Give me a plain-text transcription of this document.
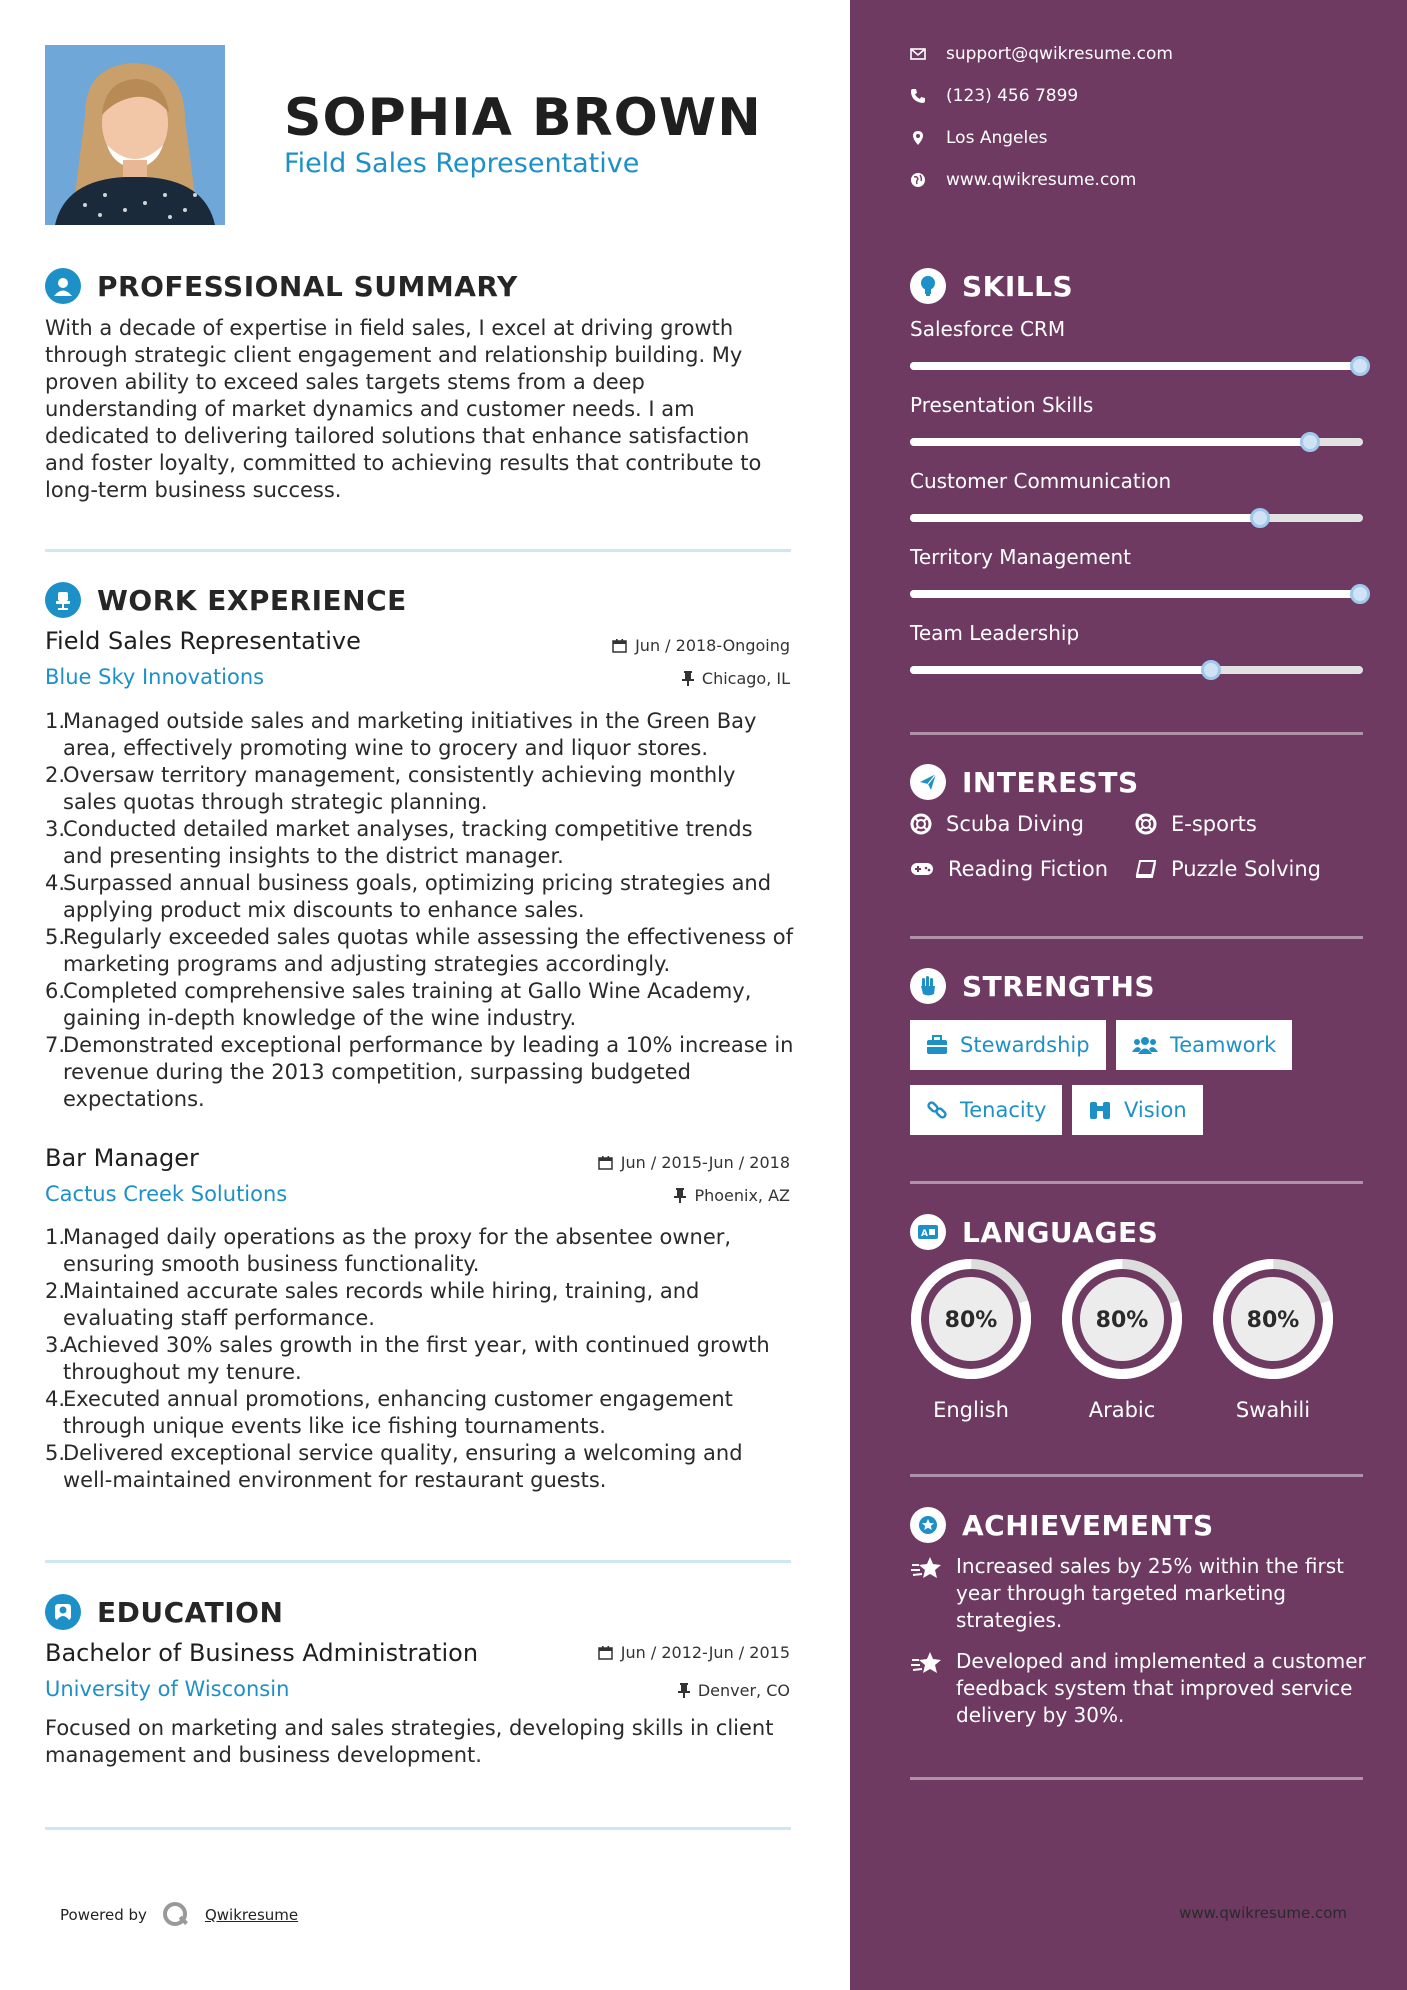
SOPHIA BROWN
Field Sales Representative
PROFESSIONAL SUMMARY
With a decade of expertise in field sales, I excel at driving growth through strategic client engagement and relationship building. My proven ability to exceed sales targets stems from a deep understanding of market dynamics and customer needs. I am dedicated to delivering tailored solutions that enhance satisfaction and foster loyalty, committed to achieving results that contribute to long-term business success.
WORK EXPERIENCE
Field Sales Representative	Jun / 2018-Ongoing
Blue Sky Innovations	Chicago, IL
1.
Managed outside sales and marketing initiatives in the Green Bay area, effectively promoting wine to grocery and liquor stores.
2.
Oversaw territory management, consistently achieving monthly sales quotas through strategic planning.
3.
Conducted detailed market analyses, tracking competitive trends and presenting insights to the district manager.
4.
Surpassed annual business goals, optimizing pricing strategies and applying product mix discounts to enhance sales.
5.
Regularly exceeded sales quotas while assessing the effectiveness of marketing programs and adjusting strategies accordingly.
6.
Completed comprehensive sales training at Gallo Wine Academy, gaining in-depth knowledge of the wine industry.
7.
Demonstrated exceptional performance by leading a 10% increase in revenue during the 2013 competition, surpassing budgeted expectations.
Bar Manager	Jun / 2015-Jun / 2018
Cactus Creek Solutions	Phoenix, AZ
1.
Managed daily operations as the proxy for the absentee owner, ensuring smooth business functionality.
2.
Maintained accurate sales records while hiring, training, and evaluating staff performance.
3.
Achieved 30% sales growth in the first year, with continued growth throughout my tenure.
4.
Executed annual promotions, enhancing customer engagement through unique events like ice fishing tournaments.
5.
Delivered exceptional service quality, ensuring a welcoming and well-maintained environment for restaurant guests.
EDUCATION
Bachelor of Business Administration	Jun / 2012-Jun / 2015
University of Wisconsin	Denver, CO
Focused on marketing and sales strategies, developing skills in client management and business development.
Powered by	Qwikresume
support@qwikresume.com
(123) 456 7899
Los Angeles
www.qwikresume.com
SKILLS
Salesforce CRM
Presentation Skills
Customer Communication
Territory Management
Team Leadership
INTERESTS
Scuba Diving	E-sports
Reading Fiction	Puzzle Solving
STRENGTHS
Stewardship	Teamwork
Tenacity	Vision
A LANGUAGES
80%
English
80%
Arabic
80%
Swahili
ACHIEVEMENTS
Increased sales by 25% within the first year through targeted marketing strategies.
Developed and implemented a customer feedback system that improved service delivery by 30%.
www.qwikresume.com
